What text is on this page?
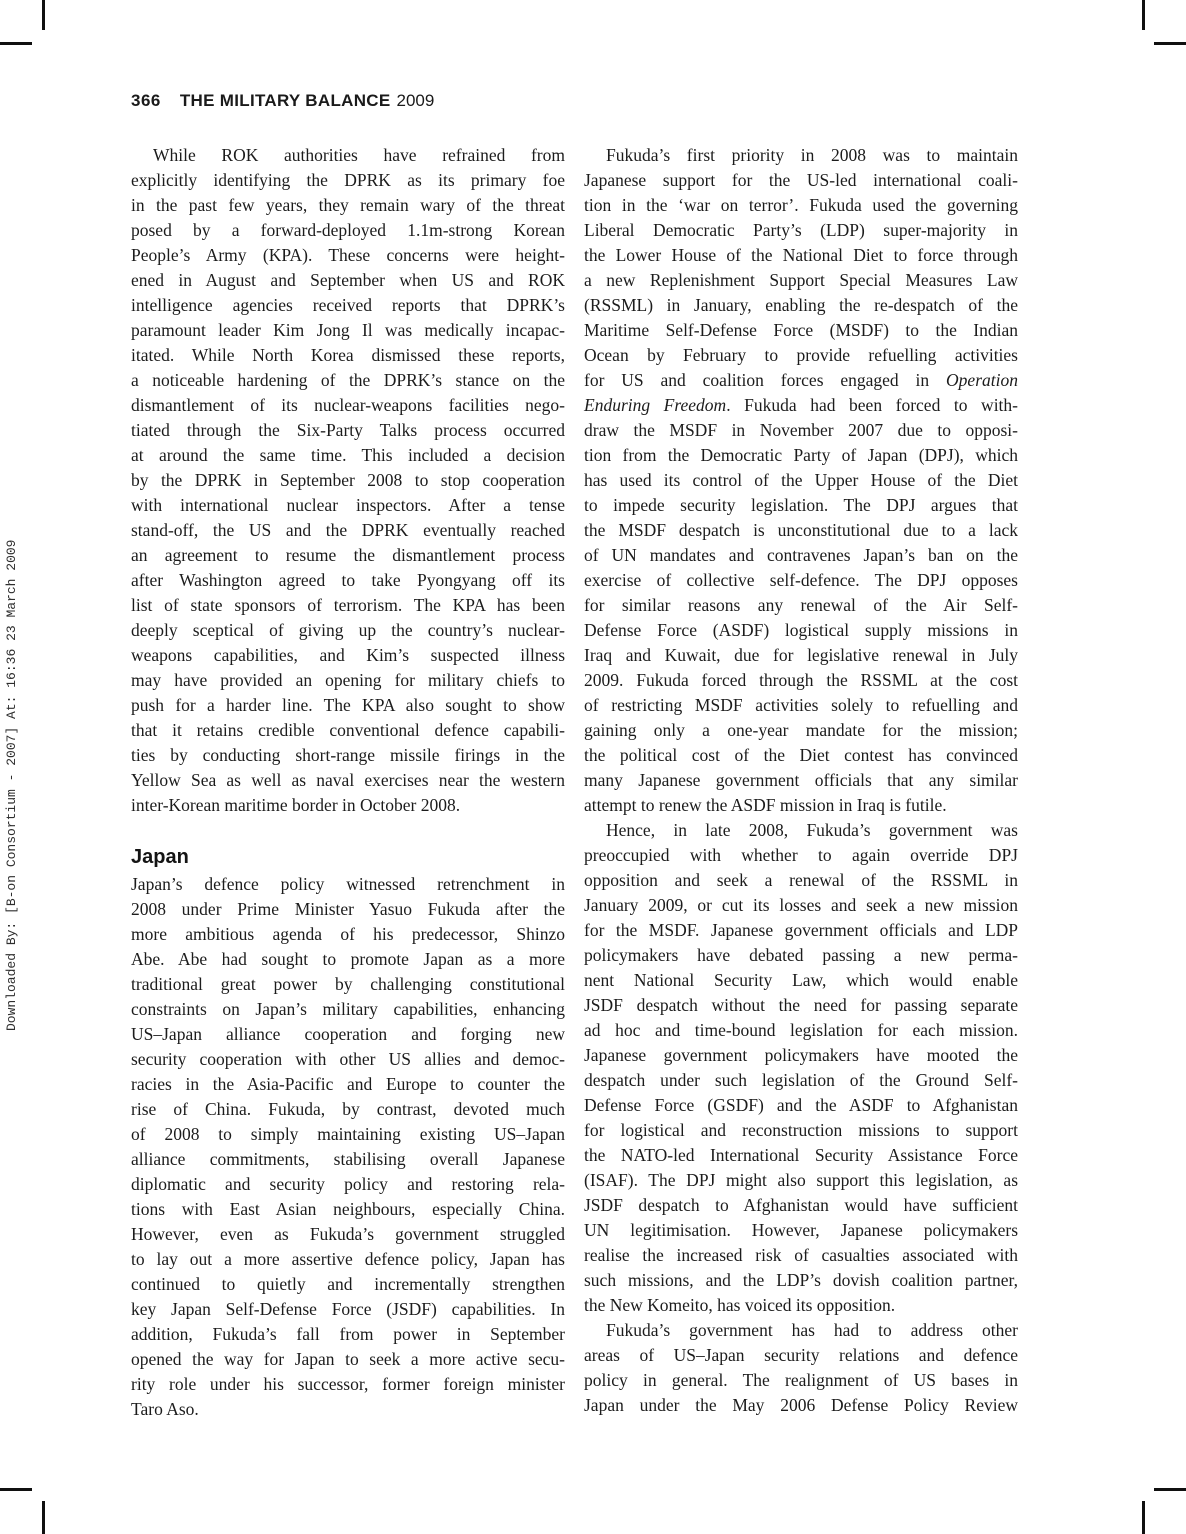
366 THE MILITARY BALANCE 2009
Downloaded By: [B-on Consortium - 2007] At: 16:36 23 March 2009
While ROK authorities have refrained from
explicitly identifying the DPRK as its primary foe
in the past few years, they remain wary of the threat
posed by a forward-deployed 1.1m-strong Korean
People’s Army (KPA). These concerns were height-
ened in August and September when US and ROK
intelligence agencies received reports that DPRK’s
paramount leader Kim Jong Il was medically incapac-
itated. While North Korea dismissed these reports,
a noticeable hardening of the DPRK’s stance on the
dismantlement of its nuclear-weapons facilities nego-
tiated through the Six-Party Talks process occurred
at around the same time. This included a decision
by the DPRK in September 2008 to stop cooperation
with international nuclear inspectors. After a tense
stand-off, the US and the DPRK eventually reached
an agreement to resume the dismantlement process
after Washington agreed to take Pyongyang off its
list of state sponsors of terrorism. The KPA has been
deeply sceptical of giving up the country’s nuclear-
weapons capabilities, and Kim’s suspected illness
may have provided an opening for military chiefs to
push for a harder line. The KPA also sought to show
that it retains credible conventional defence capabili-
ties by conducting short-range missile firings in the
Yellow Sea as well as naval exercises near the western
inter-Korean maritime border in October 2008.
Japan
Japan’s defence policy witnessed retrenchment in
2008 under Prime Minister Yasuo Fukuda after the
more ambitious agenda of his predecessor, Shinzo
Abe. Abe had sought to promote Japan as a more
traditional great power by challenging constitutional
constraints on Japan’s military capabilities, enhancing
US–Japan alliance cooperation and forging new
security cooperation with other US allies and democ-
racies in the Asia-Pacific and Europe to counter the
rise of China. Fukuda, by contrast, devoted much
of 2008 to simply maintaining existing US–Japan
alliance commitments, stabilising overall Japanese
diplomatic and security policy and restoring rela-
tions with East Asian neighbours, especially China.
However, even as Fukuda’s government struggled
to lay out a more assertive defence policy, Japan has
continued to quietly and incrementally strengthen
key Japan Self-Defense Force (JSDF) capabilities. In
addition, Fukuda’s fall from power in September
opened the way for Japan to seek a more active secu-
rity role under his successor, former foreign minister
Taro Aso.
Fukuda’s first priority in 2008 was to maintain
Japanese support for the US-led international coali-
tion in the ‘war on terror’. Fukuda used the governing
Liberal Democratic Party’s (LDP) super-majority in
the Lower House of the National Diet to force through
a new Replenishment Support Special Measures Law
(RSSML) in January, enabling the re-despatch of the
Maritime Self-Defense Force (MSDF) to the Indian
Ocean by February to provide refuelling activities
for US and coalition forces engaged in Operation
Enduring Freedom. Fukuda had been forced to with-
draw the MSDF in November 2007 due to opposi-
tion from the Democratic Party of Japan (DPJ), which
has used its control of the Upper House of the Diet
to impede security legislation. The DPJ argues that
the MSDF despatch is unconstitutional due to a lack
of UN mandates and contravenes Japan’s ban on the
exercise of collective self-defence. The DPJ opposes
for similar reasons any renewal of the Air Self-
Defense Force (ASDF) logistical supply missions in
Iraq and Kuwait, due for legislative renewal in July
2009. Fukuda forced through the RSSML at the cost
of restricting MSDF activities solely to refuelling and
gaining only a one-year mandate for the mission;
the political cost of the Diet contest has convinced
many Japanese government officials that any similar
attempt to renew the ASDF mission in Iraq is futile.
Hence, in late 2008, Fukuda’s government was
preoccupied with whether to again override DPJ
opposition and seek a renewal of the RSSML in
January 2009, or cut its losses and seek a new mission
for the MSDF. Japanese government officials and LDP
policymakers have debated passing a new perma-
nent National Security Law, which would enable
JSDF despatch without the need for passing separate
ad hoc and time-bound legislation for each mission.
Japanese government policymakers have mooted the
despatch under such legislation of the Ground Self-
Defense Force (GSDF) and the ASDF to Afghanistan
for logistical and reconstruction missions to support
the NATO-led International Security Assistance Force
(ISAF). The DPJ might also support this legislation, as
JSDF despatch to Afghanistan would have sufficient
UN legitimisation. However, Japanese policymakers
realise the increased risk of casualties associated with
such missions, and the LDP’s dovish coalition partner,
the New Komeito, has voiced its opposition.
Fukuda’s government has had to address other
areas of US–Japan security relations and defence
policy in general. The realignment of US bases in
Japan under the May 2006 Defense Policy Review
